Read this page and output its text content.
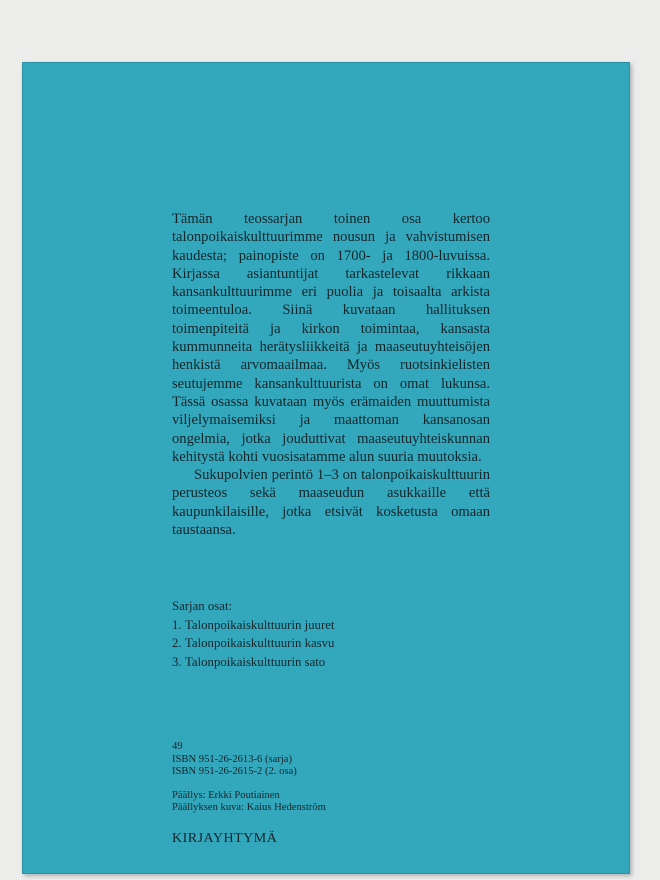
Tämän teossarjan toinen osa kertoo talonpoikaiskulttuurimme nousun ja vahvistumisen kaudesta; painopiste on 1700- ja 1800-luvuissa. Kirjassa asiantuntijat tarkastelevat rikkaan kansankulttuurimme eri puolia ja toisaalta arkista toimeentuloa. Siinä kuvataan hallituksen toimenpiteitä ja kirkon toimintaa, kansasta kummunneita herätysliikkeitä ja maaseutuyhteisöjen henkistä arvomaailmaa. Myös ruotsinkielisten seutujemme kansankulttuurista on omat lukunsa. Tässä osassa kuvataan myös erämaiden muuttumista viljelymaisemiksi ja maattoman kansanosan ongelmia, jotka jouduttivat maaseutuyhteiskunnan kehitystä kohti vuosisatamme alun suuria muutoksia.

Sukupolvien perintö 1–3 on talonpoikaiskulttuurin perusteos sekä maaseudun asukkaille että kaupunkilaisille, jotka etsivät kosketusta omaan taustaansa.

Sarjan osat:
1. Talonpoikaiskulttuurin juuret
2. Talonpoikaiskulttuurin kasvu
3. Talonpoikaiskulttuurin sato
49
ISBN 951-26-2613-6 (sarja)
ISBN 951-26-2615-2 (2. osa)
Päällys: Erkki Poutiainen
Päällyksen kuva: Kaius Hedenström
KIRJAYHTYMÄ
